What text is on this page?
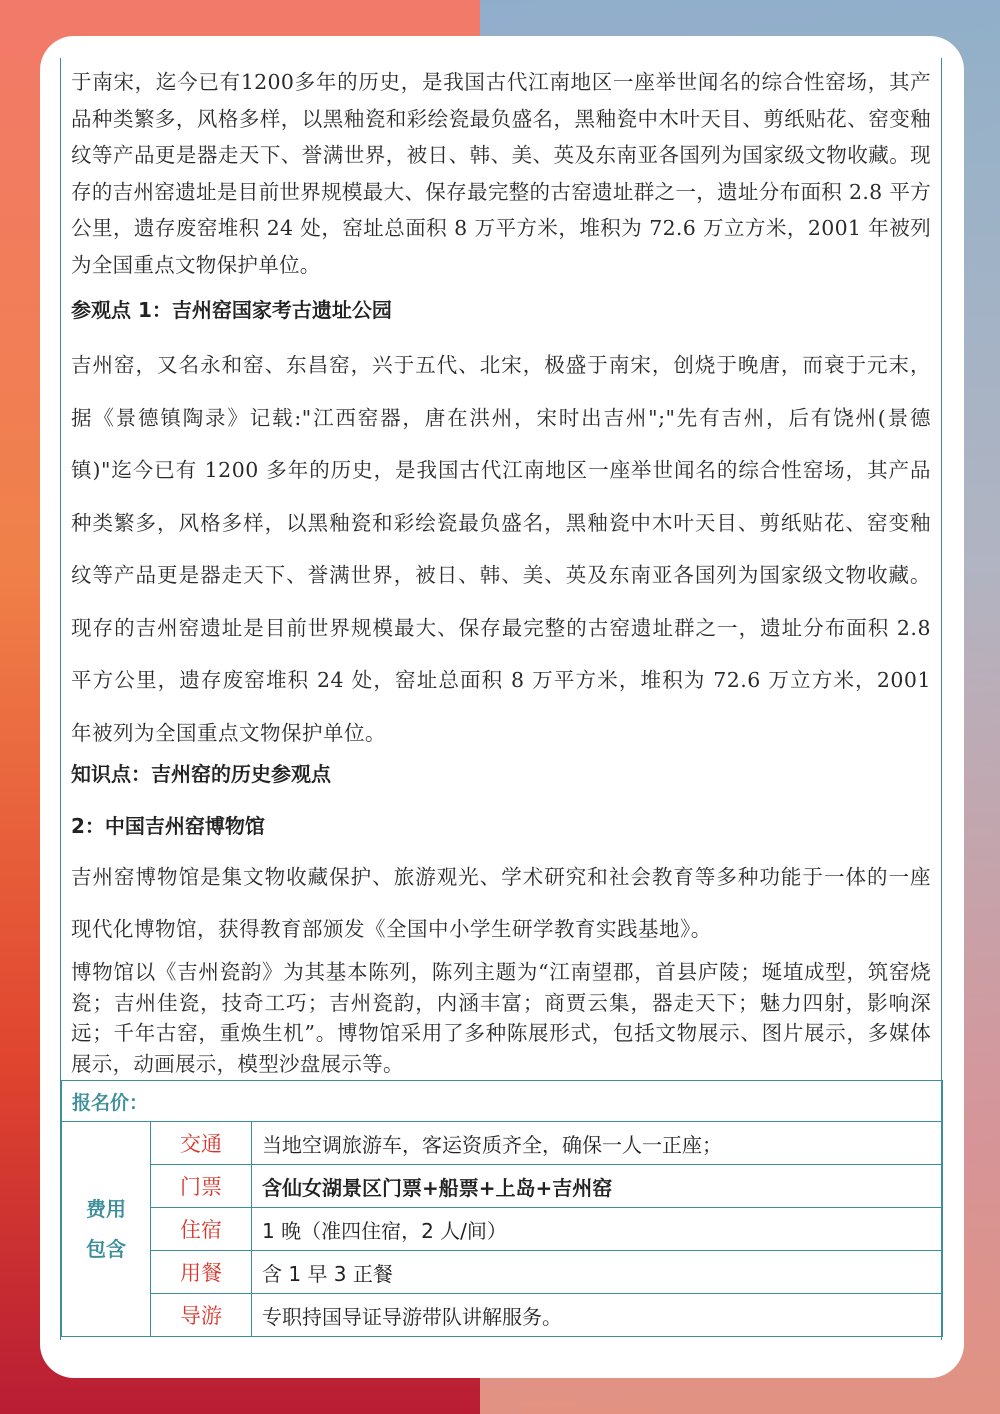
于南宋，迄今已有1200多年的历史，是我国古代江南地区一座举世闻名的综合性窑场，其产品种类繁多，风格多样，以黑釉瓷和彩绘瓷最负盛名，黑釉瓷中木叶天目、剪纸贴花、窑变釉纹等产品更是器走天下、誉满世界，被日、韩、美、英及东南亚各国列为国家级文物收藏。现存的吉州窑遗址是目前世界规模最大、保存最完整的古窑遗址群之一，遗址分布面积 2.8 平方公里，遗存废窑堆积 24 处，窑址总面积 8 万平方米，堆积为 72.6 万立方米，2001 年被列为全国重点文物保护单位。

参观点 1：吉州窑国家考古遗址公园

吉州窑，又名永和窑、东昌窑，兴于五代、北宋，极盛于南宋，创烧于晚唐，而衰于元末，据《景德镇陶录》记载:"江西窑器，唐在洪州，宋时出吉州";"先有吉州，后有饶州(景德镇)"迄今已有 1200 多年的历史，是我国古代江南地区一座举世闻名的综合性窑场，其产品种类繁多，风格多样，以黑釉瓷和彩绘瓷最负盛名，黑釉瓷中木叶天目、剪纸贴花、窑变釉纹等产品更是器走天下、誉满世界，被日、韩、美、英及东南亚各国列为国家级文物收藏。现存的吉州窑遗址是目前世界规模最大、保存最完整的古窑遗址群之一，遗址分布面积 2.8 平方公里，遗存废窑堆积 24 处，窑址总面积 8 万平方米，堆积为 72.6 万立方米，2001 年被列为全国重点文物保护单位。

知识点：吉州窑的历史参观点

2：中国吉州窑博物馆

吉州窑博物馆是集文物收藏保护、旅游观光、学术研究和社会教育等多种功能于一体的一座现代化博物馆，获得教育部颁发《全国中小学生研学教育实践基地》。

博物馆以《吉州瓷韵》为其基本陈列，陈列主题为“江南望郡，首县庐陵；埏埴成型，筑窑烧瓷；吉州佳瓷，技奇工巧；吉州瓷韵，内涵丰富；商贾云集，器走天下；魅力四射，影响深远；千年古窑，重焕生机”。博物馆采用了多种陈展形式，包括文物展示、图片展示，多媒体展示，动画展示，模型沙盘展示等。

报名价：		
费用
包含	交通	当地空调旅游车，客运资质齐全，确保一人一正座；
	门票	含仙女湖景区门票+船票+上岛+吉州窑
	住宿	1 晚（准四住宿，2 人/间）
	用餐	含 1 早 3 正餐
	导游	专职持国导证导游带队讲解服务。
